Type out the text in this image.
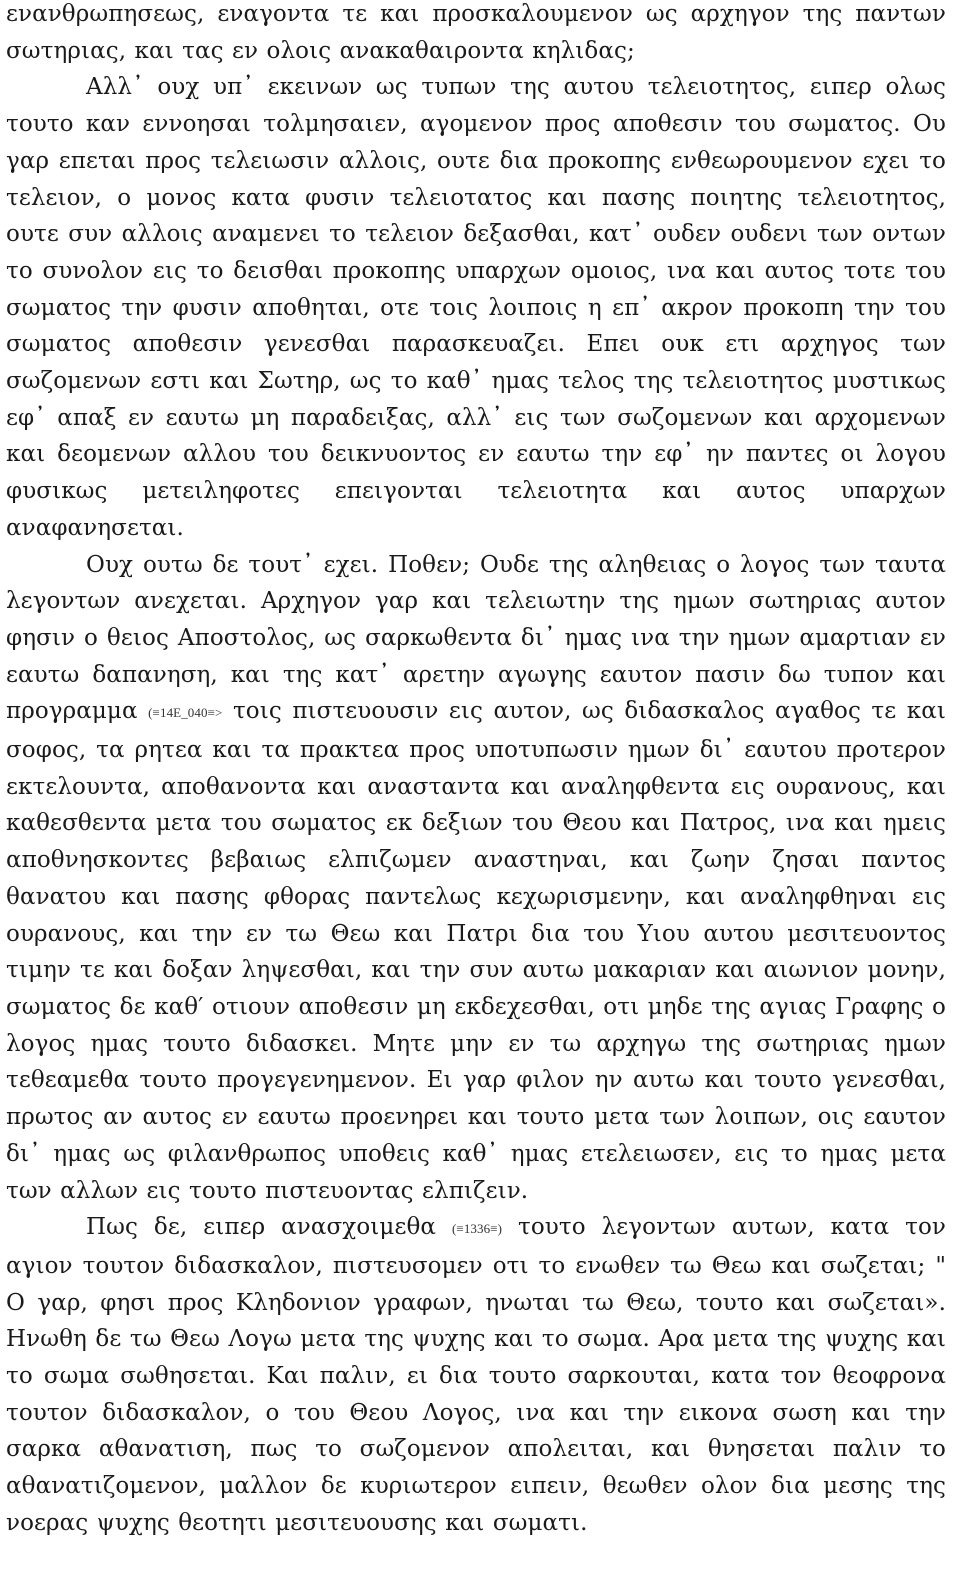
ενανθρωπησεως, εναγοντα τε και προσκαλουμενον ως αρχηγον της παντων σωτηριας, και τας εν ολοις ανακαθαιροντα κηλιδας;

Αλλ᾽ ουχ υπ᾽ εκεινων ως τυπων της αυτου τελειοτητος, ειπερ ολως τουτο καν εννοησαι τολμησαιεν, αγομενον προς αποθεσιν του σωματος. Ου γαρ επεται προς τελειωσιν αλλοις, ουτε δια προκοπης ενθεωρουμενον εχει το τελειον, ο μονος κατα φυσιν τελειοτατος και πασης ποιητης τελειοτητος, ουτε συν αλλοις αναμενει το τελειον δεξασθαι, κατ᾽ ουδεν ουδενι των οντων το συνολον εις το δεισθαι προκοπης υπαρχων ομοιος, ινα και αυτος τοτε του σωματος την φυσιν αποθηται, οτε τοις λοιποις η επ᾽ ακρον προκοπη την του σωματος αποθεσιν γενεσθαι παρασκευαζει. Επει ουκ ετι αρχηγος των σωζομενων εστι και Σωτηρ, ως το καθ᾽ ημας τελος της τελειοτητος μυστικως εφ᾽ απαξ εν εαυτω μη παραδειξας, αλλ᾽ εις των σωζομενων και αρχομενων και δεομενων αλλου του δεικνυοντος εν εαυτω την εφ᾽ ην παντες οι λογου φυσικως μετειληφοτες επειγονται τελειοτητα και αυτος υπαρχων αναφανησεται.

Ουχ ουτω δε τουτ᾽ εχει. Ποθεν; Ουδε της αληθειας ο λογος των ταυτα λεγοντων ανεχεται. Αρχηγον γαρ και τελειωτην της ημων σωτηριας αυτον φησιν ο θειος Αποστολος, ως σαρκωθεντα δι᾽ ημας ινα την ημων αμαρτιαν εν εαυτω δαπανηση, και της κατ᾽ αρετην αγωγης εαυτον πασιν δω τυπον και προγραμμα (≡14E_040≡> τοις πιστευουσιν εις αυτον, ως διδασκαλος αγαθος τε και σοφος, τα ρητεα και τα πρακτεα προς υποτυπωσιν ημων δι᾽ εαυτου προτερον εκτελουντα, αποθανοντα και ανασταντα και αναληφθεντα εις ουρανους, και καθεσθεντα μετα του σωματος εκ δεξιων του Θεου και Πατρος, ινα και ημεις αποθνησκοντες βεβαιως ελπιζωμεν αναστηναι, και ζωην ζησαι παντος θανατου και πασης φθορας παντελως κεχωρισμενην, και αναληφθηναι εις ουρανους, και την εν τω Θεω και Πατρι δια του Υιου αυτου μεσιτευοντος τιμην τε και δοξαν ληψεσθαι, και την συν αυτω μακαριαν και αιωνιον μονην, σωματος δε καθ′ οτιουν αποθεσιν μη εκδεχεσθαι, οτι μηδε της αγιας Γραφης ο λογος ημας τουτο διδασκει. Μητε μην εν τω αρχηγω της σωτηριας ημων τεθεαμεθα τουτο προγεγενημενον. Ει γαρ φιλον ην αυτω και τουτο γενεσθαι, πρωτος αν αυτος εν εαυτω προενηρει και τουτο μετα των λοιπων, οις εαυτον δι᾽ ημας ως φιλανθρωπος υποθεις καθ᾽ ημας ετελειωσεν, εις το ημας μετα των αλλων εις τουτο πιστευοντας ελπιζειν.

Πως δε, ειπερ ανασχοιμεθα (≡1336≡) τουτο λεγοντων αυτων, κατα τον αγιον τουτον διδασκαλον, πιστευσομεν οτι το ενωθεν τω Θεω και σωζεται; " Ο γαρ, φησι προς Κληδονιον γραφων, ηνωται τω Θεω, τουτο και σωζεται». Ηνωθη δε τω Θεω Λογω μετα της ψυχης και το σωμα. Αρα μετα της ψυχης και το σωμα σωθησεται. Και παλιν, ει δια τουτο σαρκουται, κατα τον θεοφρονα τουτον διδασκαλον, ο του Θεου Λογος, ινα και την εικονα σωση και την σαρκα αθανατιση, πως το σωζομενον απολειται, και θνησεται παλιν το αθανατιζομενον, μαλλον δε κυριωτερον ειπειν, θεωθεν ολον δια μεσης της νοερας ψυχης θεοτητι μεσιτευουσης και σωματι.
